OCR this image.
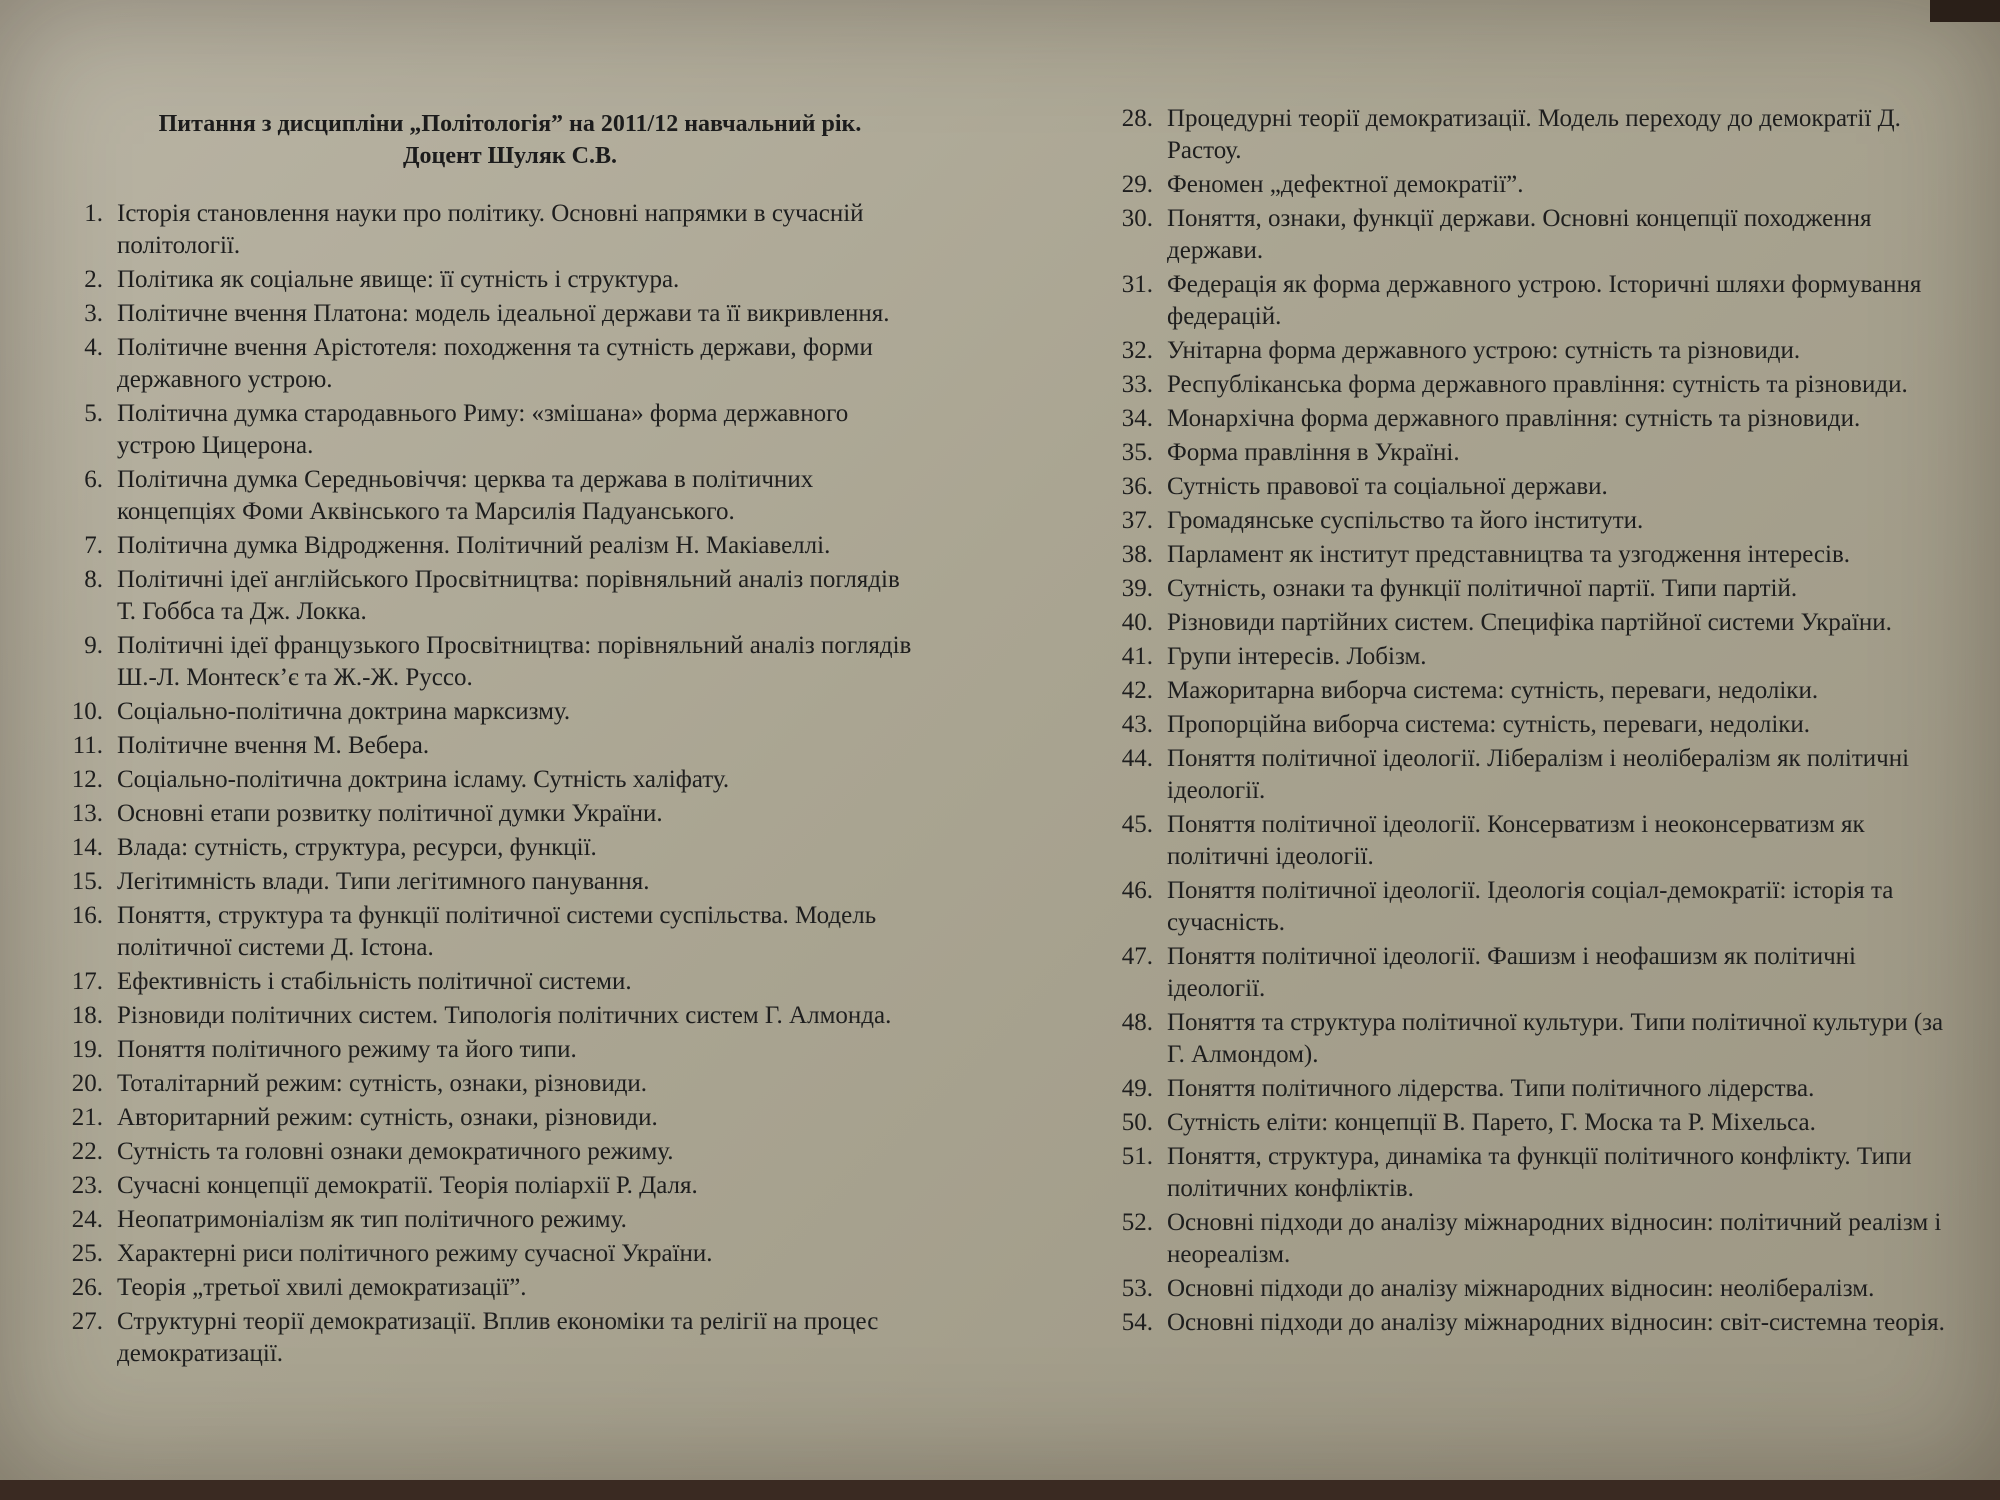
Питання з дисципліни „Політологія” на 2011/12 навчальний рік.
Доцент Шуляк С.В.
1. Історія становлення науки про політику. Основні напрямки в сучасній політології.
2. Політика як соціальне явище: її сутність і структура.
3. Політичне вчення Платона: модель ідеальної держави та її викривлення.
4. Політичне вчення Арістотеля: походження та сутність держави, форми державного устрою.
5. Політична думка стародавнього Риму: «змішана» форма державного устрою Цицерона.
6. Політична думка Середньовіччя: церква та держава в політичних концепціях Фоми Аквінського та Марсилія Падуанського.
7. Політична думка Відродження. Політичний реалізм Н. Макіавеллі.
8. Політичні ідеї англійського Просвітництва: порівняльний аналіз поглядів Т. Гоббса та Дж. Локка.
9. Політичні ідеї французького Просвітництва: порівняльний аналіз поглядів Ш.-Л. Монтеск’є та Ж.-Ж. Руссо.
10. Соціально-політична доктрина марксизму.
11. Політичне вчення М. Вебера.
12. Соціально-політична доктрина ісламу. Сутність халіфату.
13. Основні етапи розвитку політичної думки України.
14. Влада: сутність, структура, ресурси, функції.
15. Легітимність влади. Типи легітимного панування.
16. Поняття, структура та функції політичної системи суспільства. Модель політичної системи Д. Істона.
17. Ефективність і стабільність політичної системи.
18. Різновиди політичних систем. Типологія політичних систем Г. Алмонда.
19. Поняття політичного режиму та його типи.
20. Тоталітарний режим: сутність, ознаки, різновиди.
21. Авторитарний режим: сутність, ознаки, різновиди.
22. Сутність та головні ознаки демократичного режиму.
23. Сучасні концепції демократії. Теорія поліархії Р. Даля.
24. Неопатримоніалізм як тип політичного режиму.
25. Характерні риси політичного режиму сучасної України.
26. Теорія „третьої хвилі демократизації”.
27. Структурні теорії демократизації. Вплив економіки та релігії на процес демократизації.
28. Процедурні теорії демократизації. Модель переходу до демократії Д. Растоу.
29. Феномен „дефектної демократії”.
30. Поняття, ознаки, функції держави. Основні концепції походження держави.
31. Федерація як форма державного устрою. Історичні шляхи формування федерацій.
32. Унітарна форма державного устрою: сутність та різновиди.
33. Республіканська форма державного правління: сутність та різновиди.
34. Монархічна форма державного правління: сутність та різновиди.
35. Форма правління в Україні.
36. Сутність правової та соціальної держави.
37. Громадянське суспільство та його інститути.
38. Парламент як інститут представництва та узгодження інтересів.
39. Сутність, ознаки та функції політичної партії. Типи партій.
40. Різновиди партійних систем. Специфіка партійної системи України.
41. Групи інтересів. Лобізм.
42. Мажоритарна виборча система: сутність, переваги, недоліки.
43. Пропорційна виборча система: сутність, переваги, недоліки.
44. Поняття політичної ідеології. Лібералізм і неолібералізм як політичні ідеології.
45. Поняття політичної ідеології. Консерватизм і неоконсерватизм як політичні ідеології.
46. Поняття політичної ідеології. Ідеологія соціал-демократії: історія та сучасність.
47. Поняття політичної ідеології. Фашизм і неофашизм як політичні ідеології.
48. Поняття та структура політичної культури. Типи політичної культури (за Г. Алмондом).
49. Поняття політичного лідерства. Типи політичного лідерства.
50. Сутність еліти: концепції В. Парето, Г. Моска та Р. Міхельса.
51. Поняття, структура, динаміка та функції політичного конфлікту. Типи політичних конфліктів.
52. Основні підходи до аналізу міжнародних відносин: політичний реалізм і неореалізм.
53. Основні підходи до аналізу міжнародних відносин: неолібералізм.
54. Основні підходи до аналізу міжнародних відносин: світ-системна теорія.
